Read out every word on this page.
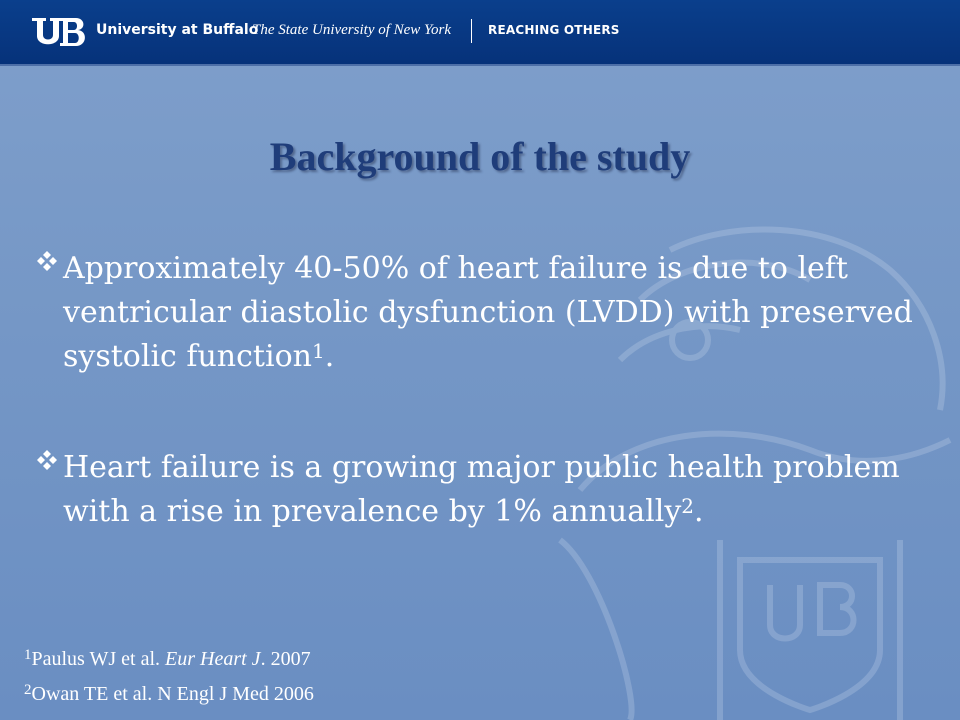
University at Buffalo
The State University of New York	REACHING OTHERS
Background of the study
Approximately 40-50% of heart failure is due to left ventricular diastolic dysfunction (LVDD) with preserved systolic function$^1$.
Heart failure is a growing major public health problem with a rise in prevalence by 1% annually$^2$.
$^1$Paulus WJ et al. Eur Heart J. 2007
$^2$Owan TE et al. N Engl J Med 2006
